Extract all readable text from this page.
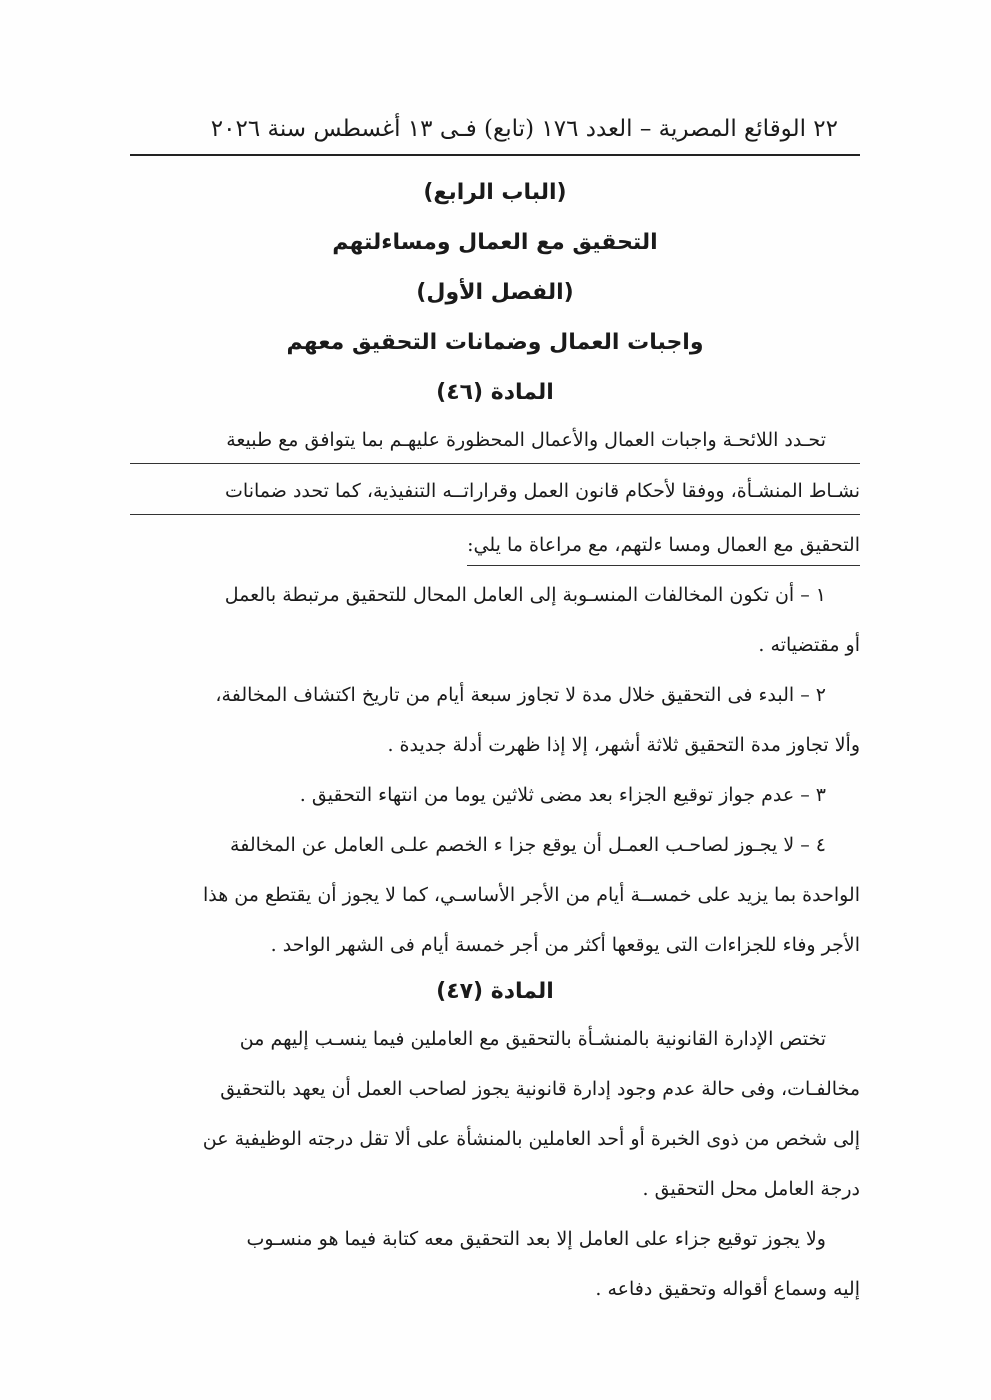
٢٢ الوقائع المصرية – العدد ١٧٦ (تابع) فـى ١٣ أغسطس سنة ٢٠٢٦
(الباب الرابع)
التحقيق مع العمال ومساءلتهم
(الفصل الأول)
واجبات العمال وضمانات التحقيق معهم
المادة (٤٦)
تحـدد اللائحـة واجبات العمال والأعمال المحظورة عليهـم بما يتوافق مع طبيعة
نشـاط المنشـأة، ووفقا لأحكام قانون العمل وقراراتــه التنفيذية، كما تحدد ضمانات
التحقيق مع العمال ومسا ءلتهم، مع مراعاة ما يلي:
١ – أن تكون المخالفات المنسـوبة إلى العامل المحال للتحقيق مرتبطة بالعمل
أو مقتضياته .
٢ – البدء فى التحقيق خلال مدة لا تجاوز سبعة أيام من تاريخ اكتشاف المخالفة،
وألا تجاوز مدة التحقيق ثلاثة أشهر، إلا إذا ظهرت أدلة جديدة .
٣ – عدم جواز توقيع الجزاء بعد مضى ثلاثين يوما من انتهاء التحقيق .
٤ – لا يجـوز لصاحـب العمـل أن يوقع جزا ء الخصم علـى العامل عن المخالفة
الواحدة بما يزيد على خمســة أيام من الأجر الأساسـي، كما لا يجوز أن يقتطع من هذا
الأجر وفاء للجزاءات التى يوقعها أكثر من أجر خمسة أيام فى الشهر الواحد .
المادة (٤٧)
تختص الإدارة القانونية بالمنشـأة بالتحقيق مع العاملين فيما ينسـب إليهم من
مخالفـات، وفى حالة عدم وجود إدارة قانونية يجوز لصاحب العمل أن يعهد بالتحقيق
إلى شخص من ذوى الخبرة أو أحد العاملين بالمنشأة على ألا تقل درجته الوظيفية عن
درجة العامل محل التحقيق .
ولا يجوز توقيع جزاء على العامل إلا بعد التحقيق معه كتابة فيما هو منسـوب
إليه وسماع أقواله وتحقيق دفاعه .
